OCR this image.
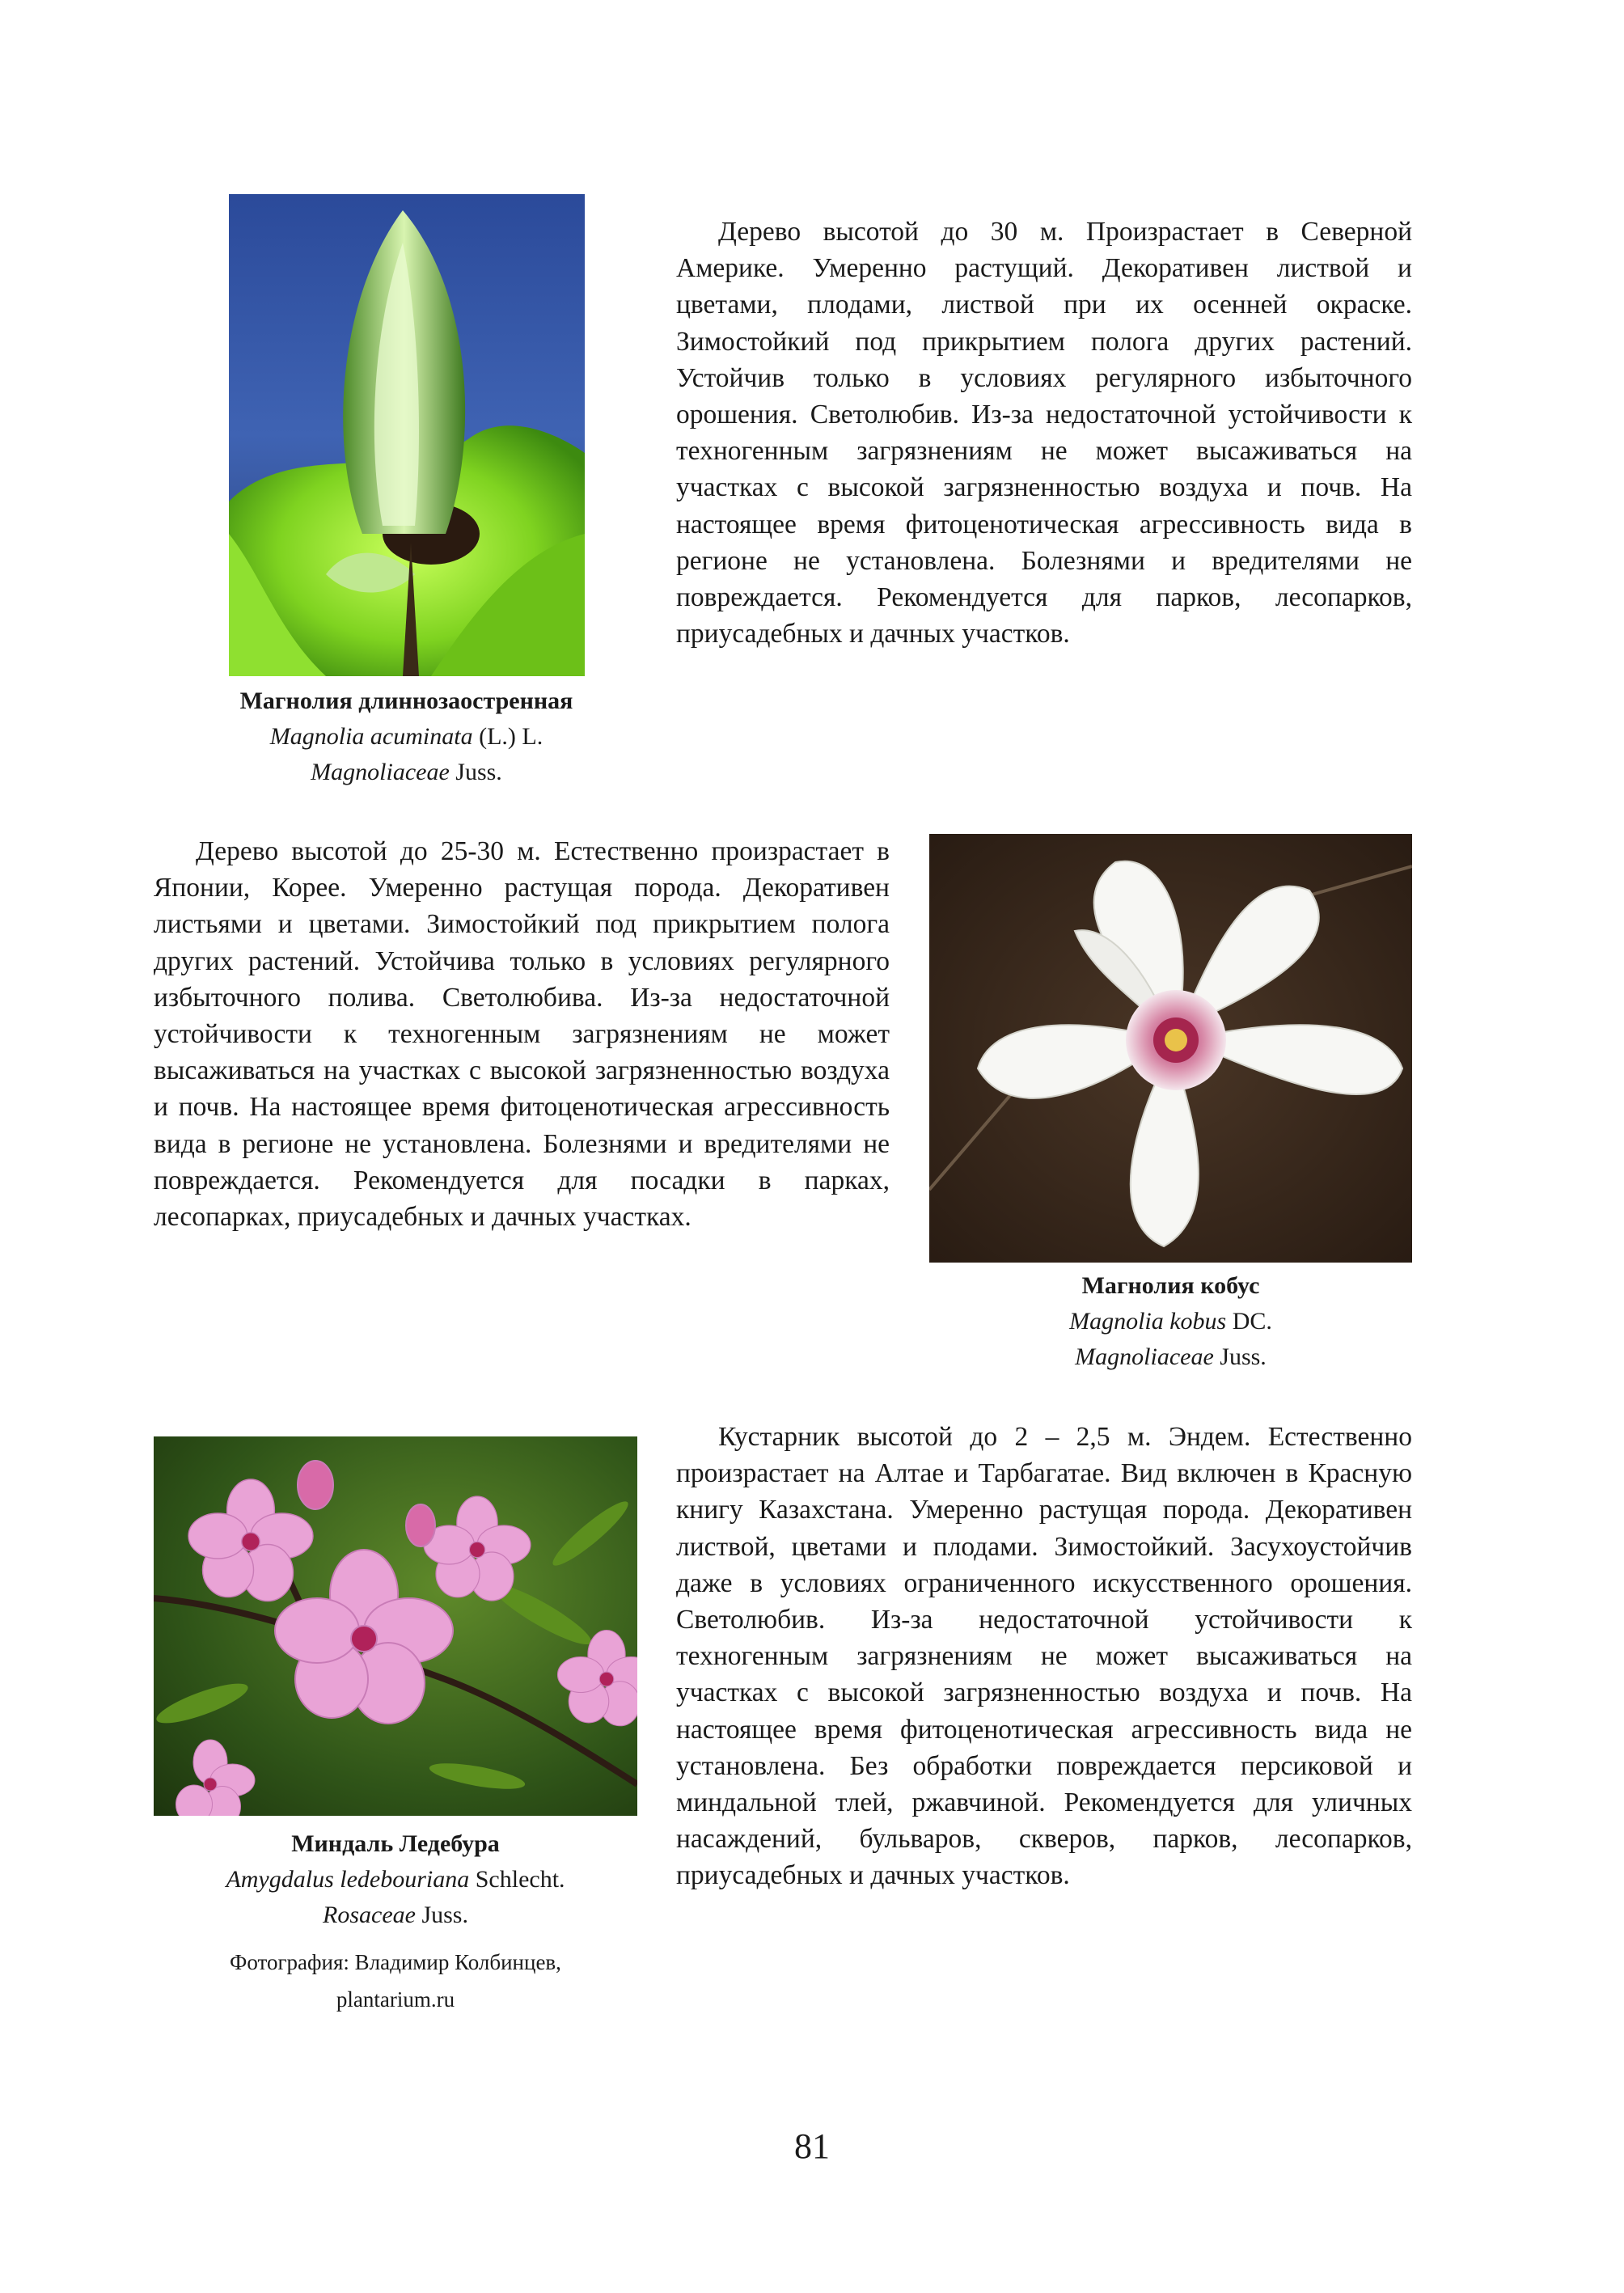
Магнолия длиннозаостренная
Magnolia acuminata (L.) L.
Magnoliaceae Juss.

Дерево высотой до 30 м. Произрастает в Северной Америке. Умеренно растущий. Декоративен листвой и цветами, плодами, листвой при их осенней окраске. Зимостойкий под прикрытием полога других растений. Устойчив только в условиях регулярного избыточного орошения. Светолюбив. Из-за недостаточной устойчивости к техногенным загрязнениям не может высаживаться на участках с высокой загрязненностью воздуха и почв. На настоящее время фитоценотическая агрессивность вида в регионе не установлена. Болезнями и вредителями не повреждается. Рекомендуется для парков, лесопарков, приусадебных и дачных участков.

Дерево высотой до 25-30 м. Естественно произрастает в Японии, Корее. Умеренно растущая порода. Декоративен листьями и цветами. Зимостойкий под прикрытием полога других растений. Устойчива только в условиях регулярного избыточного полива. Светолюбива. Из-за недостаточной устойчивости к техногенным загрязнениям не может высаживаться на участках с высокой загрязненностью воздуха и почв. На настоящее время фитоценотическая агрессивность вида в регионе не установлена. Болезнями и вредителями не повреждается. Рекомендуется для посадки в парках, лесопарках, приусадебных и дачных участках.

Магнолия кобус
Magnolia kobus DC.
Magnoliaceae Juss.
Миндаль Ледебура
Amygdalus ledebouriana Schlecht.
Rosaceae Juss.
Фотография: Владимир Колбинцев,
plantarium.ru

Кустарник высотой до 2 – 2,5 м. Эндем. Естественно произрастает на Алтае и Тарбагатае. Вид включен в Красную книгу Казахстана. Умеренно растущая порода. Декоративен листвой, цветами и плодами. Зимостойкий. Засухоустойчив даже в условиях ограниченного искусственного орошения. Светолюбив. Из-за недостаточной устойчивости к техногенным загрязнениям не может высаживаться на участках с высокой загрязненностью воздуха и почв. На настоящее время фитоценотическая агрессивность вида не установлена. Без обработки повреждается персиковой и миндальной тлей, ржавчиной. Рекомендуется для уличных насаждений, бульваров, скверов, парков, лесопарков, приусадебных и дачных участков.

81
